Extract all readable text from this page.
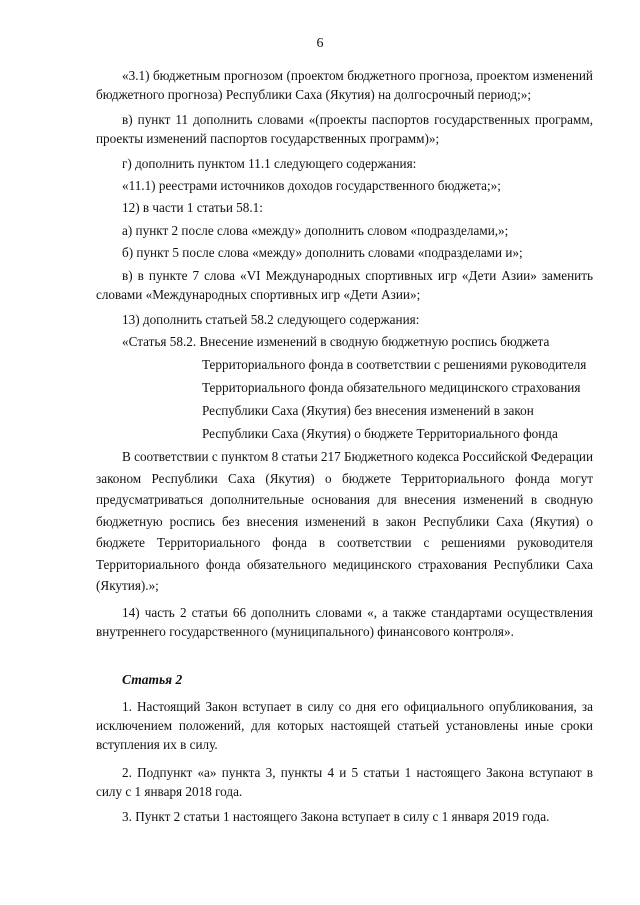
6

«3.1) бюджетным прогнозом (проектом бюджетного прогноза, проектом изменений бюджетного прогноза) Республики Саха (Якутия) на долгосрочный период;»;

в) пункт 11 дополнить словами «(проекты паспортов государственных программ, проекты изменений паспортов государственных программ)»;

г) дополнить пунктом 11.1 следующего содержания:

«11.1) реестрами источников доходов государственного бюджета;»;

12) в части 1 статьи 58.1:

а) пункт 2 после слова «между» дополнить словом «подразделами,»;

б) пункт 5 после слова «между» дополнить словами «подразделами и»;

в) в пункте 7 слова «VI Международных спортивных игр «Дети Азии» заменить словами «Международных спортивных игр «Дети Азии»;

13) дополнить статьей 58.2 следующего содержания:

«Статья 58.2. Внесение изменений в сводную бюджетную роспись бюджета

Территориального фонда в соответствии с решениями руководителя

Территориального фонда обязательного медицинского страхования

Республики Саха (Якутия) без внесения изменений в закон

Республики Саха (Якутия) о бюджете Территориального фонда

В соответствии с пунктом 8 статьи 217 Бюджетного кодекса Российской Федерации законом Республики Саха (Якутия) о бюджете Территориального фонда могут предусматриваться дополнительные основания для внесения изменений в сводную бюджетную роспись без внесения изменений в закон Республики Саха (Якутия) о бюджете Территориального фонда в соответствии с решениями руководителя Территориального фонда обязательного медицинского страхования Республики Саха (Якутия).»;

14) часть 2 статьи 66 дополнить словами «, а также стандартами осуществления внутреннего государственного (муниципального) финансового контроля».

Статья 2

1. Настоящий Закон вступает в силу со дня его официального опубликования, за исключением положений, для которых настоящей статьей установлены иные сроки вступления их в силу.

2. Подпункт «а» пункта 3, пункты 4 и 5 статьи 1 настоящего Закона вступают в силу с 1 января 2018 года.

3. Пункт 2 статьи 1 настоящего Закона вступает в силу с 1 января 2019 года.
